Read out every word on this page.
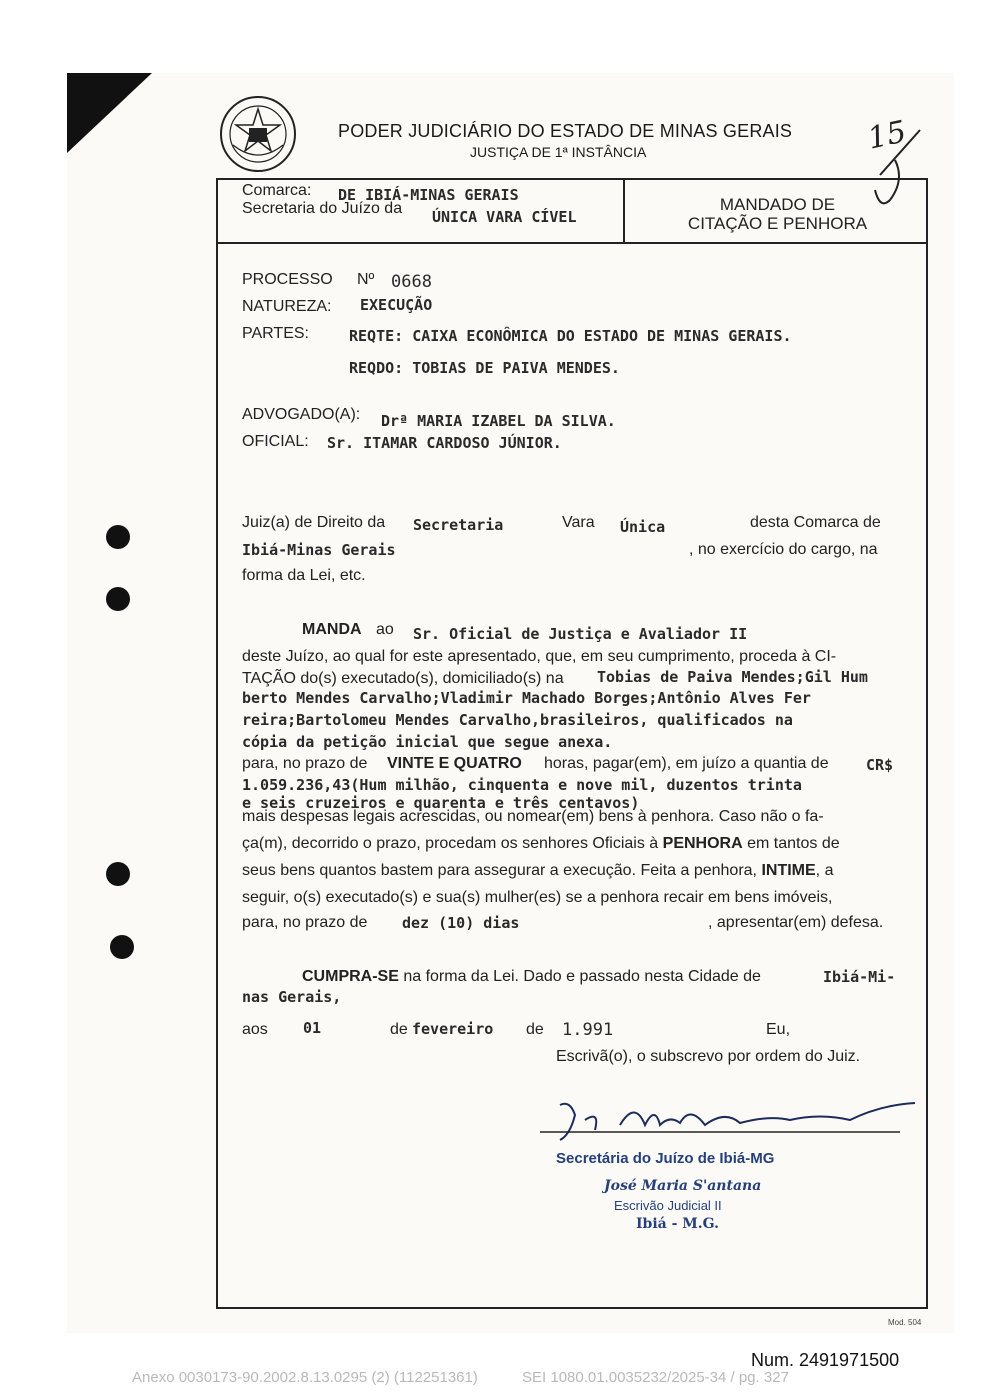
PODER JUDICIÁRIO DO ESTADO DE MINAS GERAIS
JUSTIÇA DE 1ª INSTÂNCIA	15
Comarca: DE IBIÁ-MINAS GERAIS
Secretaria do Juízo da ÚNICA VARA CÍVEL
MANDADO DE
CITAÇÃO E PENHORA
PROCESSO Nº 0668
NATUREZA: EXECUÇÃO
PARTES:	REQTE: CAIXA ECONÔMICA DO ESTADO DE MINAS GERAIS.
REQDO: TOBIAS DE PAIVA MENDES.
ADVOGADO(A): Drª MARIA IZABEL DA SILVA.
OFICIAL: Sr. ITAMAR CARDOSO JÚNIOR.
Juiz(a) de Direito da Secretaria	Vara Única	desta Comarca de
Ibiá-Minas Gerais	, no exercício do cargo, na
forma da Lei, etc.
MANDA ao Sr. Oficial de Justiça e Avaliador II
deste Juízo, ao qual for este apresentado, que, em seu cumprimento, proceda à CI-
TAÇÃO do(s) executado(s), domiciliado(s) na Tobias de Paiva Mendes;Gil Hum
berto Mendes Carvalho;Vladimir Machado Borges;Antônio Alves Fer
reira;Bartolomeu Mendes Carvalho,brasileiros, qualificados na
cópia da petição inicial que segue anexa.
para, no prazo de VINTE E QUATRO horas, pagar(em), em juízo a quantia de CR$
1.059.236,43(Hum milhão, cinquenta e nove mil, duzentos trinta
e seis cruzeiros e quarenta e três centavos)
mais despesas legais acrescidas, ou nomear(em) bens à penhora. Caso não o fa-
ça(m), decorrido o prazo, procedam os senhores Oficiais à PENHORA em tantos de
seus bens quantos bastem para assegurar a execução. Feita a penhora, INTIME, a
seguir, o(s) executado(s) e sua(s) mulher(es) se a penhora recair em bens imóveis,
para, no prazo de dez (10) dias	, apresentar(em) defesa.
CUMPRA-SE na forma da Lei. Dado e passado nesta Cidade de	Ibiá-Mi-
nas Gerais,
aos 01	de fevereiro de 1.991	Eu,
Escrivã(o), o subscrevo por ordem do Juiz.
Secretária do Juízo de Ibiá-MG
José Maria S'antana
Escrivão Judicial II
Ibiá - M.G.
Mod. 504
Num. 2491971500
Anexo 0030173-90.2002.8.13.0295 (2) (112251361)	SEI 1080.01.0035232/2025-34 / pg. 327
